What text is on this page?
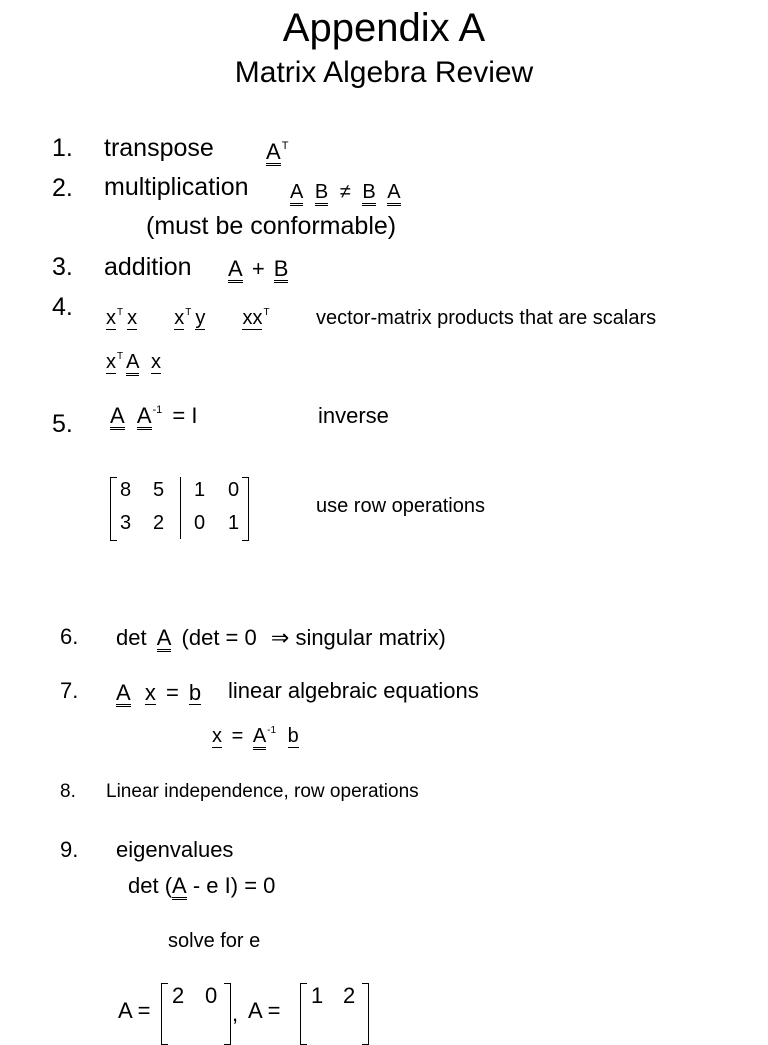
Appendix A
Matrix Algebra Review
1. transpose $A^T$
2. multiplication A B ≠ B A
(must be conformable)
3. addition A + B
4. $x^T$ x $x^T$ y $xx^T$ vector-matrix products that are scalars
$x^T$ A x
5. A $A^{-1} = I$	inverse
8 5
3 2
1 0
0 1
use row operations
6. det A (det = 0 ⇒ singular matrix)
7. A x = b linear algebraic equations
$x = A^{-1}$ b
8. Linear independence, row operations
9. eigenvalues
det (A - e I) = 0
solve for e
A =
2 0
, A =
1 2
